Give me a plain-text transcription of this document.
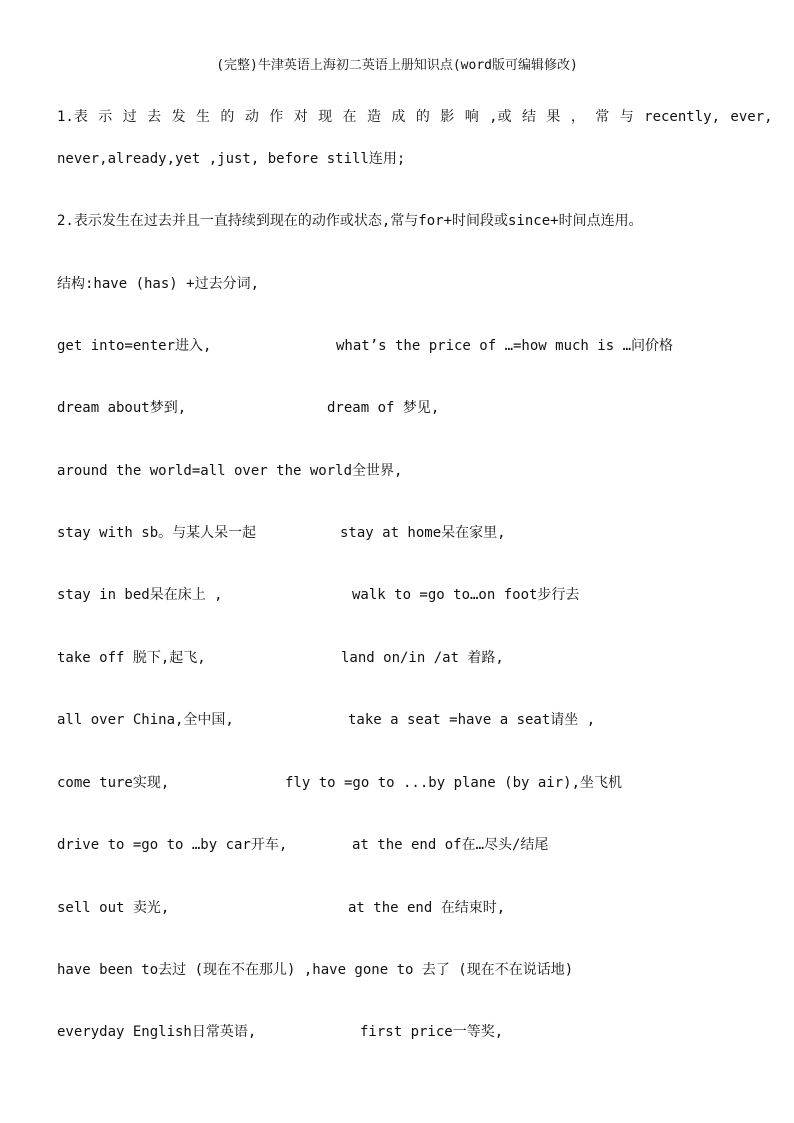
(完整)牛津英语上海初二英语上册知识点(word版可编辑修改)
1.表 示 过 去 发 生 的 动 作 对 现 在 造 成 的 影 响 ,或 结 果 ， 常 与 recently, ever,
never,already,yet ,just, before still连用;
2.表示发生在过去并且一直持续到现在的动作或状态,常与for+时间段或since+时间点连用。
结构:have (has) +过去分词,
get into=enter进入,	what’s the price of …=how much is …问价格
dream about梦到,	dream of 梦见,
around the world=all over the world全世界,
stay with sb。与某人呆一起	stay at home呆在家里,
stay in bed呆在床上 ,	walk to =go to…on foot步行去
take off 脱下,起飞,	land on/in /at 着路,
all over China,全中国,	take a seat =have a seat请坐 ,
come ture实现,	fly to =go to ...by plane (by air),坐飞机
drive to =go to …by car开车,	at the end of在…尽头/结尾
sell out 卖光,	at the end 在结束时,
have been to去过 (现在不在那儿) ,have gone to 去了 (现在不在说话地)
everyday English日常英语,	first price一等奖,
